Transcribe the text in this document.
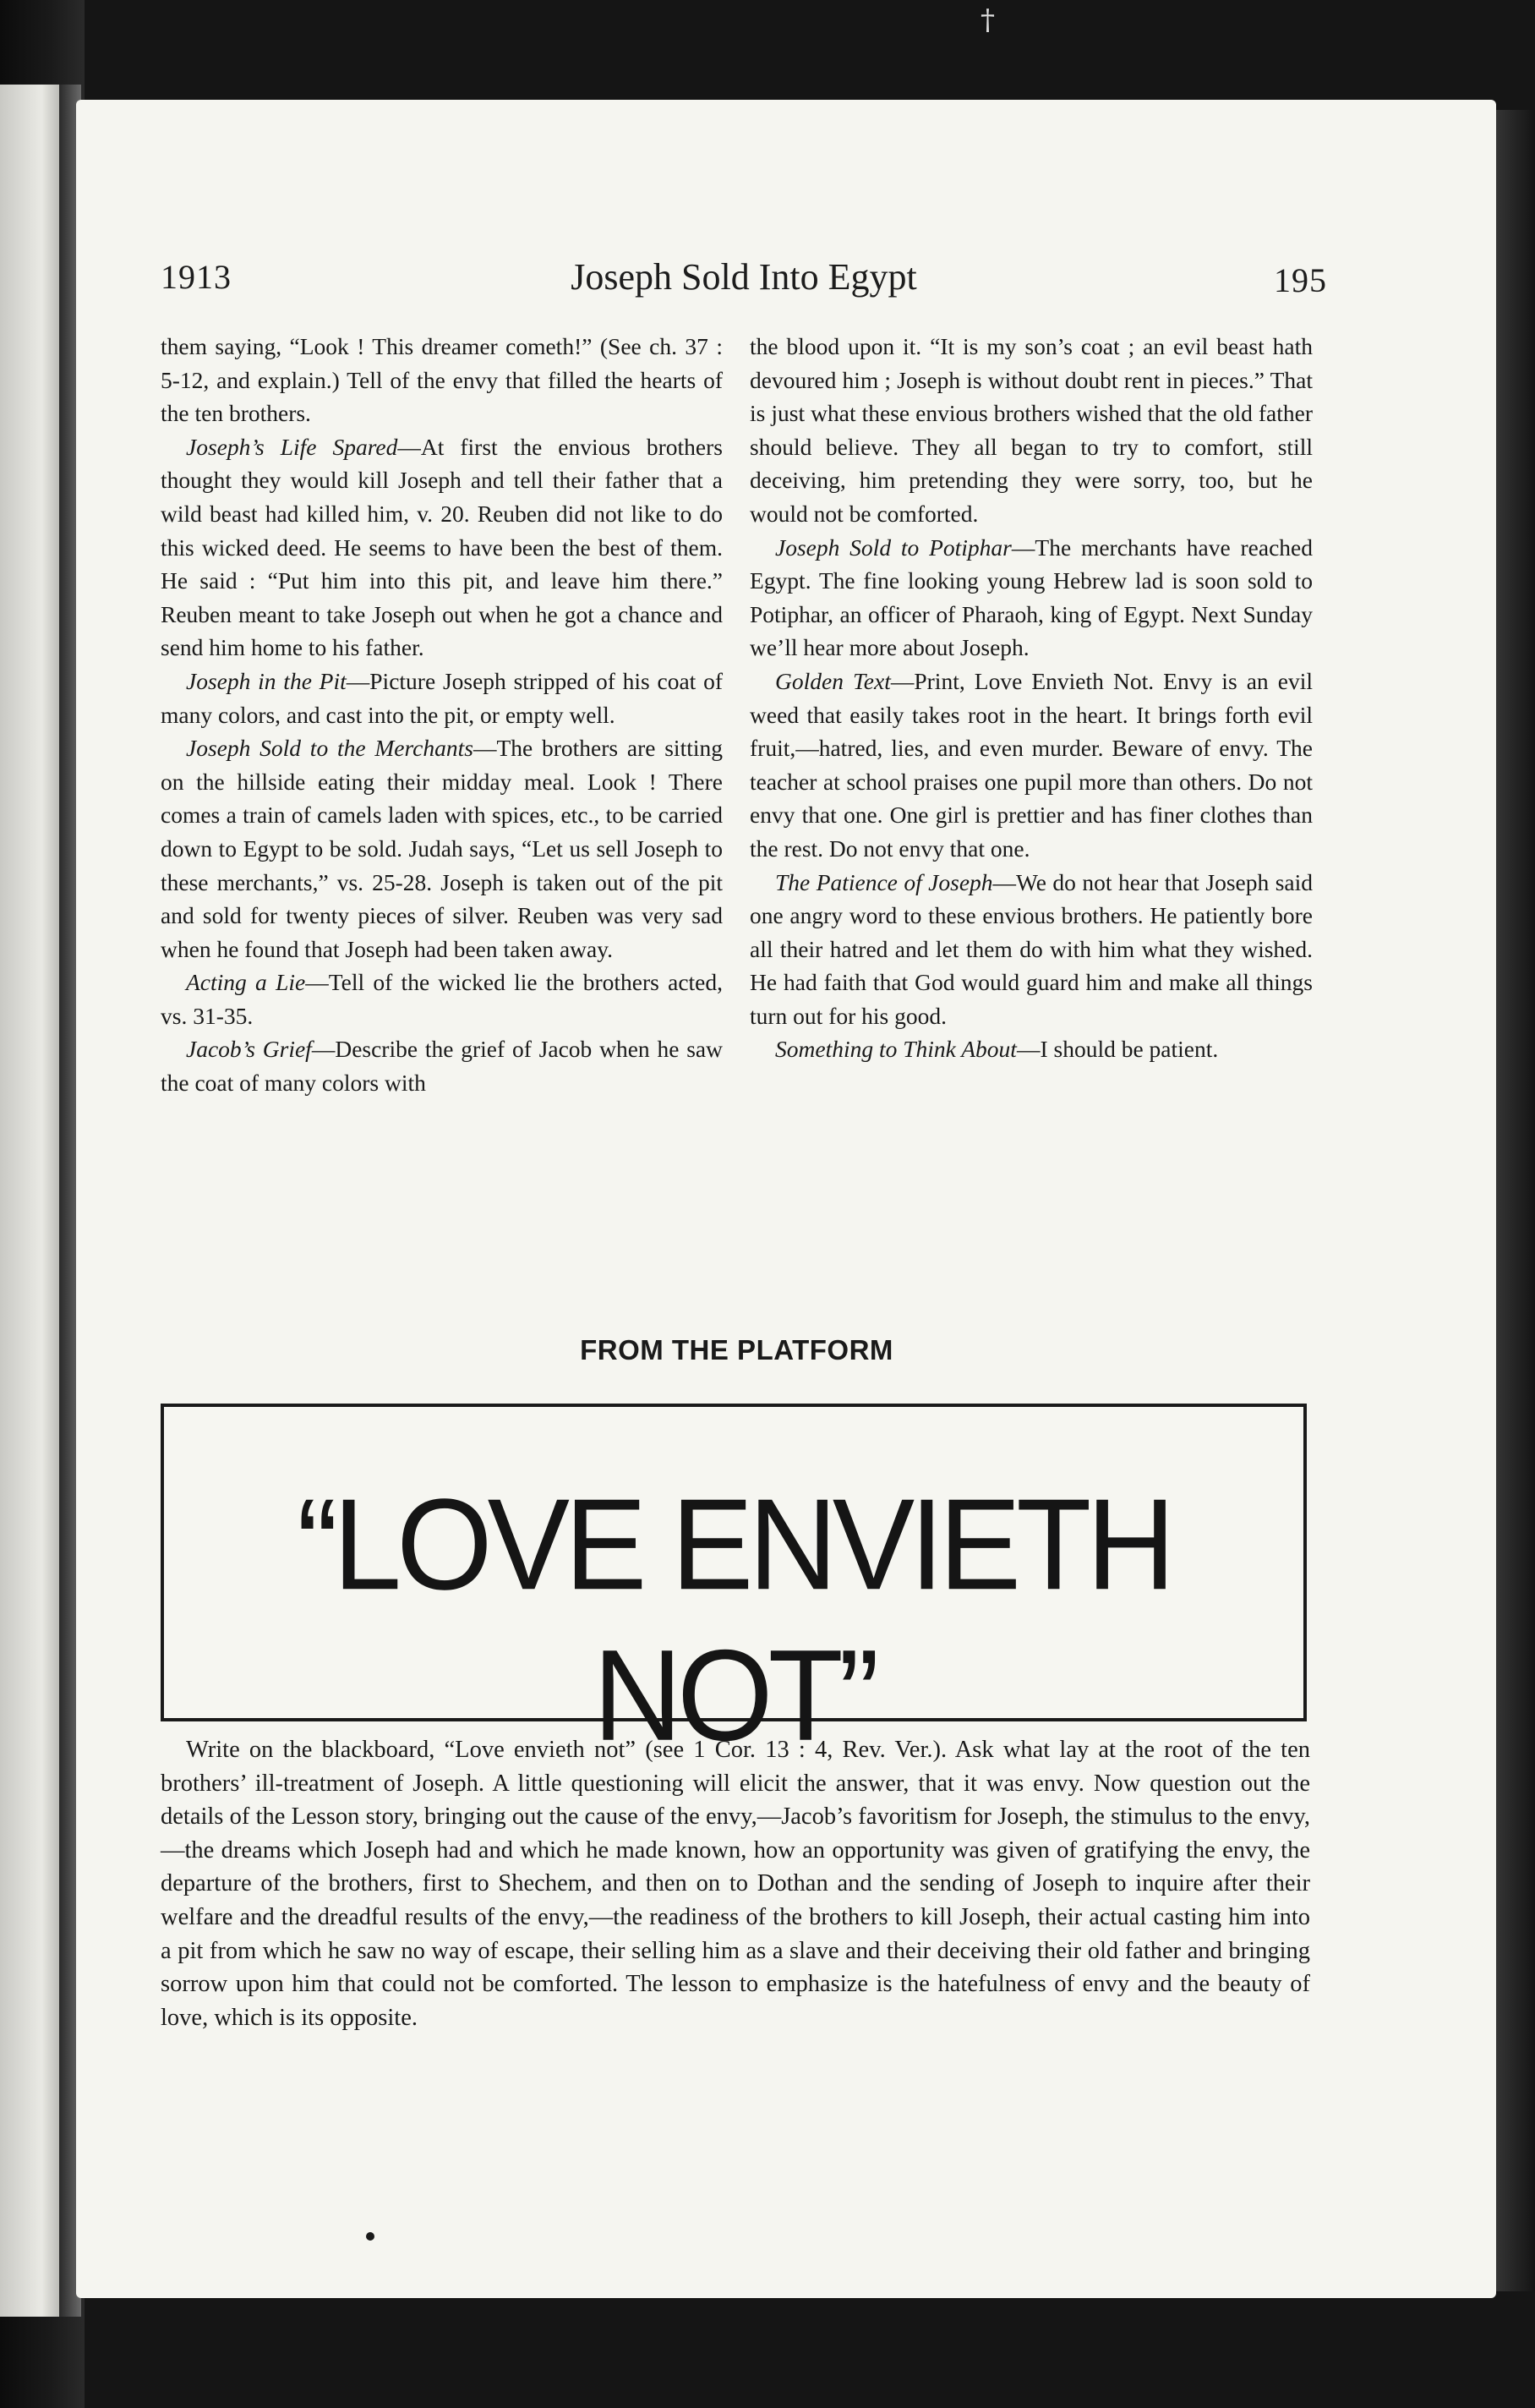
†
1913	Joseph Sold Into Egypt	195

them saying, “Look ! This dreamer cometh!” (See ch. 37 : 5-12, and explain.) Tell of the envy that filled the hearts of the ten brothers.

Joseph’s Life Spared—At first the envious brothers thought they would kill Joseph and tell their father that a wild beast had killed him, v. 20. Reuben did not like to do this wicked deed. He seems to have been the best of them. He said : “Put him into this pit, and leave him there.” Reuben meant to take Joseph out when he got a chance and send him home to his father.

Joseph in the Pit—Picture Joseph stripped of his coat of many colors, and cast into the pit, or empty well.

Joseph Sold to the Merchants—The brothers are sitting on the hillside eating their midday meal. Look ! There comes a train of camels laden with spices, etc., to be carried down to Egypt to be sold. Judah says, “Let us sell Joseph to these merchants,” vs. 25-28. Joseph is taken out of the pit and sold for twenty pieces of silver. Reuben was very sad when he found that Joseph had been taken away.

Acting a Lie—Tell of the wicked lie the brothers acted, vs. 31-35.

Jacob’s Grief—Describe the grief of Jacob when he saw the coat of many colors with

the blood upon it. “It is my son’s coat ; an evil beast hath devoured him ; Joseph is without doubt rent in pieces.” That is just what these envious brothers wished that the old father should believe. They all began to try to comfort, still deceiving, him pretending they were sorry, too, but he would not be comforted.

Joseph Sold to Potiphar—The merchants have reached Egypt. The fine looking young Hebrew lad is soon sold to Potiphar, an officer of Pharaoh, king of Egypt. Next Sunday we’ll hear more about Joseph.

Golden Text—Print, Love Envieth Not. Envy is an evil weed that easily takes root in the heart. It brings forth evil fruit,—hatred, lies, and even murder. Beware of envy. The teacher at school praises one pupil more than others. Do not envy that one. One girl is prettier and has finer clothes than the rest. Do not envy that one.

The Patience of Joseph—We do not hear that Joseph said one angry word to these envious brothers. He patiently bore all their hatred and let them do with him what they wished. He had faith that God would guard him and make all things turn out for his good.

Something to Think About—I should be patient.

FROM THE PLATFORM
“LOVE ENVIETH NOT”

Write on the blackboard, “Love envieth not” (see 1 Cor. 13 : 4, Rev. Ver.). Ask what lay at the root of the ten brothers’ ill-treatment of Joseph. A little questioning will elicit the answer, that it was envy. Now question out the details of the Lesson story, bringing out the cause of the envy,—Jacob’s favoritism for Joseph, the stimulus to the envy,—the dreams which Joseph had and which he made known, how an opportunity was given of gratifying the envy, the departure of the brothers, first to Shechem, and then on to Dothan and the sending of Joseph to inquire after their welfare and the dreadful results of the envy,—the readiness of the brothers to kill Joseph, their actual casting him into a pit from which he saw no way of escape, their selling him as a slave and their deceiving their old father and bringing sorrow upon him that could not be comforted. The lesson to emphasize is the hatefulness of envy and the beauty of love, which is its opposite.
